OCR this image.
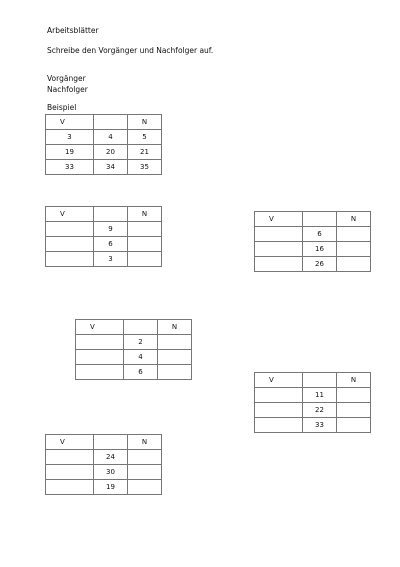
Arbeitsblätter
Schreibe den Vorgänger und Nachfolger auf.
Vorgänger
Nachfolger
Beispiel
V		N
3	4	5
19	20	21
33	34	35
V		N
	9	
	6	
	3	
V		N
	6	
	16	
	26	
V		N
	2	
	4	
	6	
V		N
	11	
	22	
	33	
V		N
	24	
	30	
	19	
